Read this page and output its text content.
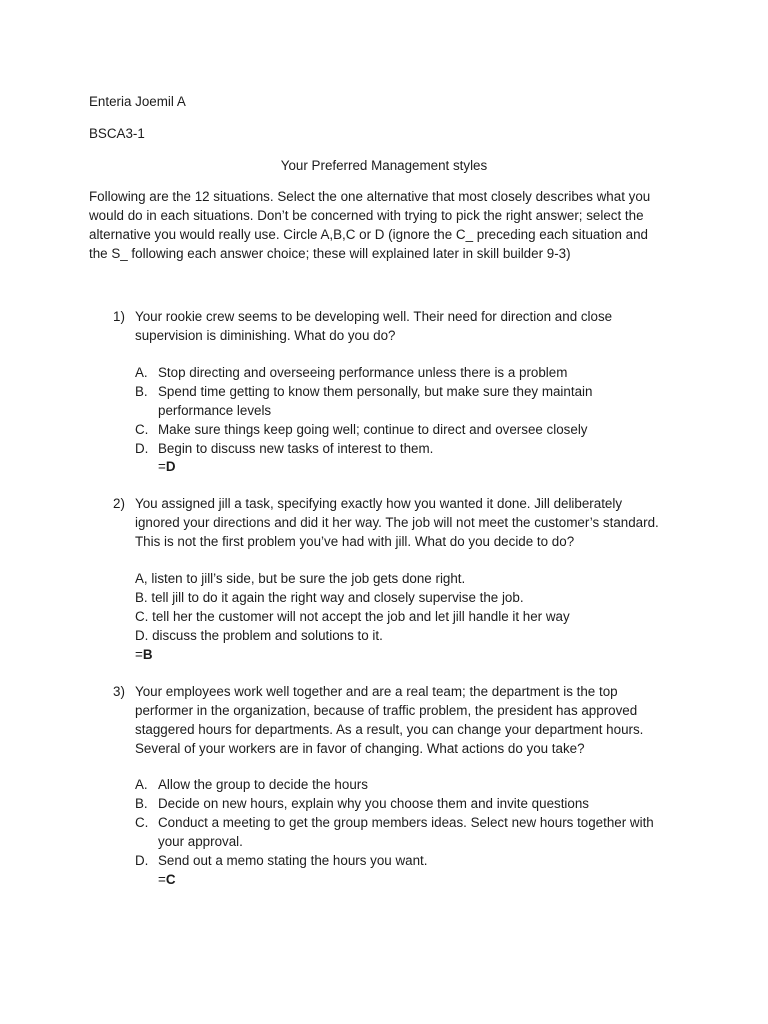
Enteria Joemil A
BSCA3-1
Your Preferred Management styles
Following are the 12 situations. Select the one alternative that most closely describes what you
would do in each situations. Don’t be concerned with trying to pick the right answer; select the
alternative you would really use. Circle A,B,C or D (ignore the C_ preceding each situation and
the S_ following each answer choice; these will explained later in skill builder 9-3)
1) Your rookie crew seems to be developing well. Their need for direction and close
supervision is diminishing. What do you do?
A. Stop directing and overseeing performance unless there is a problem
B. Spend time getting to know them personally, but make sure they maintain
performance levels
C. Make sure things keep going well; continue to direct and oversee closely
D. Begin to discuss new tasks of interest to them.
=D
2) You assigned jill a task, specifying exactly how you wanted it done. Jill deliberately
ignored your directions and did it her way. The job will not meet the customer’s standard.
This is not the first problem you’ve had with jill. What do you decide to do?
A, listen to jill’s side, but be sure the job gets done right.
B. tell jill to do it again the right way and closely supervise the job.
C. tell her the customer will not accept the job and let jill handle it her way
D. discuss the problem and solutions to it.
=B
3) Your employees work well together and are a real team; the department is the top
performer in the organization, because of traffic problem, the president has approved
staggered hours for departments. As a result, you can change your department hours.
Several of your workers are in favor of changing. What actions do you take?
A. Allow the group to decide the hours
B. Decide on new hours, explain why you choose them and invite questions
C. Conduct a meeting to get the group members ideas. Select new hours together with
your approval.
D. Send out a memo stating the hours you want.
=C
